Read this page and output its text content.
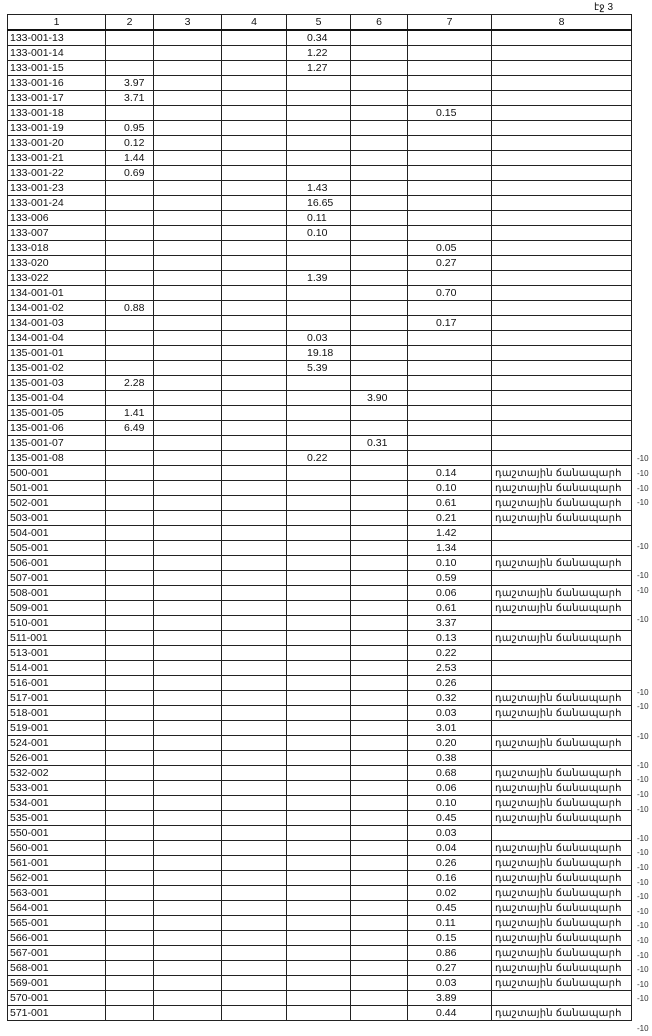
էջ 3
1	2	3	4	5	6	7	8
133-001-13				0.34			
133-001-14				1.22			
133-001-15				1.27			
133-001-16	3.97						
133-001-17	3.71						
133-001-18						0.15	
133-001-19	0.95						
133-001-20	0.12						
133-001-21	1.44						
133-001-22	0.69						
133-001-23				1.43			
133-001-24				16.65			
133-006				0.11			
133-007				0.10			
133-018						0.05	
133-020						0.27	
133-022				1.39			
134-001-01						0.70	
134-001-02	0.88						
134-001-03						0.17	
134-001-04				0.03			
135-001-01				19.18			
135-001-02				5.39			
135-001-03	2.28						
135-001-04					3.90		
135-001-05	1.41						
135-001-06	6.49						
135-001-07					0.31		
135-001-08				0.22			
500-001						0.14	դաշտային ճանապարհ
501-001						0.10	դաշտային ճանապարհ
502-001						0.61	դաշտային ճանապարհ
503-001						0.21	դաշտային ճանապարհ
504-001						1.42	
505-001						1.34	
506-001						0.10	դաշտային ճանապարհ
507-001						0.59	
508-001						0.06	դաշտային ճանապարհ
509-001						0.61	դաշտային ճանապարհ
510-001						3.37	
511-001						0.13	դաշտային ճանապարհ
513-001						0.22	
514-001						2.53	
516-001						0.26	
517-001						0.32	դաշտային ճանապարհ
518-001						0.03	դաշտային ճանապարհ
519-001						3.01	
524-001						0.20	դաշտային ճանապարհ
526-001						0.38	
532-002						0.68	դաշտային ճանապարհ
533-001						0.06	դաշտային ճանապարհ
534-001						0.10	դաշտային ճանապարհ
535-001						0.45	դաշտային ճանապարհ
550-001						0.03	
560-001						0.04	դաշտային ճանապարհ
561-001						0.26	դաշտային ճանապարհ
562-001						0.16	դաշտային ճանապարհ
563-001						0.02	դաշտային ճանապարհ
564-001						0.45	դաշտային ճանապարհ
565-001						0.11	դաշտային ճանապարհ
566-001						0.15	դաշտային ճանապարհ
567-001						0.86	դաշտային ճանապարհ
568-001						0.27	դաշտային ճանապարհ
569-001						0.03	դաշտային ճանապարհ
570-001						3.89	
571-001						0.44	դաշտային ճանապարհ
-10
-10
-10
-10
-10
-10
-10
-10
-10
-10
-10
-10
-10
-10
-10
-10
-10
-10
-10
-10
-10
-10
-10
-10
-10
-10
-10
-10
